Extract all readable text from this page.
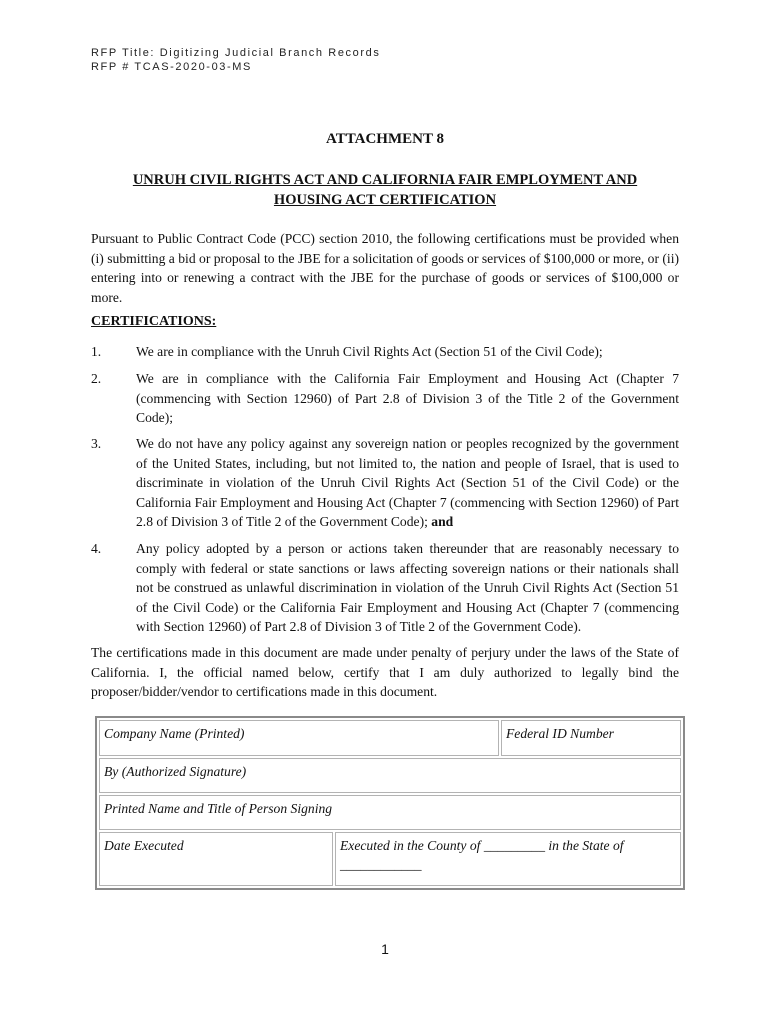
RFP Title: Digitizing Judicial Branch Records
RFP # TCAS-2020-03-MS
ATTACHMENT 8
UNRUH CIVIL RIGHTS ACT AND CALIFORNIA FAIR EMPLOYMENT AND
HOUSING ACT CERTIFICATION
Pursuant to Public Contract Code (PCC) section 2010, the following certifications must be provided when (i) submitting a bid or proposal to the JBE for a solicitation of goods or services of $100,000 or more, or (ii) entering into or renewing a contract with the JBE for the purchase of goods or services of $100,000 or more.
CERTIFICATIONS:
1.	We are in compliance with the Unruh Civil Rights Act (Section 51 of the Civil Code);
2.	We are in compliance with the California Fair Employment and Housing Act (Chapter 7 (commencing with Section 12960) of Part 2.8 of Division 3 of the Title 2 of the Government Code);
3.	We do not have any policy against any sovereign nation or peoples recognized by the government of the United States, including, but not limited to, the nation and people of Israel, that is used to discriminate in violation of the Unruh Civil Rights Act (Section 51 of the Civil Code) or the California Fair Employment and Housing Act (Chapter 7 (commencing with Section 12960) of Part 2.8 of Division 3 of Title 2 of the Government Code); and
4.	Any policy adopted by a person or actions taken thereunder that are reasonably necessary to comply with federal or state sanctions or laws affecting sovereign nations or their nationals shall not be construed as unlawful discrimination in violation of the Unruh Civil Rights Act (Section 51 of the Civil Code) or the California Fair Employment and Housing Act (Chapter 7 (commencing with Section 12960) of Part 2.8 of Division 3 of Title 2 of the Government Code).
The certifications made in this document are made under penalty of perjury under the laws of the State of California. I, the official named below, certify that I am duly authorized to legally bind the proposer/bidder/vendor to certifications made in this document.
Company Name (Printed)	Federal ID Number
By (Authorized Signature)
Printed Name and Title of Person Signing
Date Executed	Executed in the County of _________ in the State of ____________
1
